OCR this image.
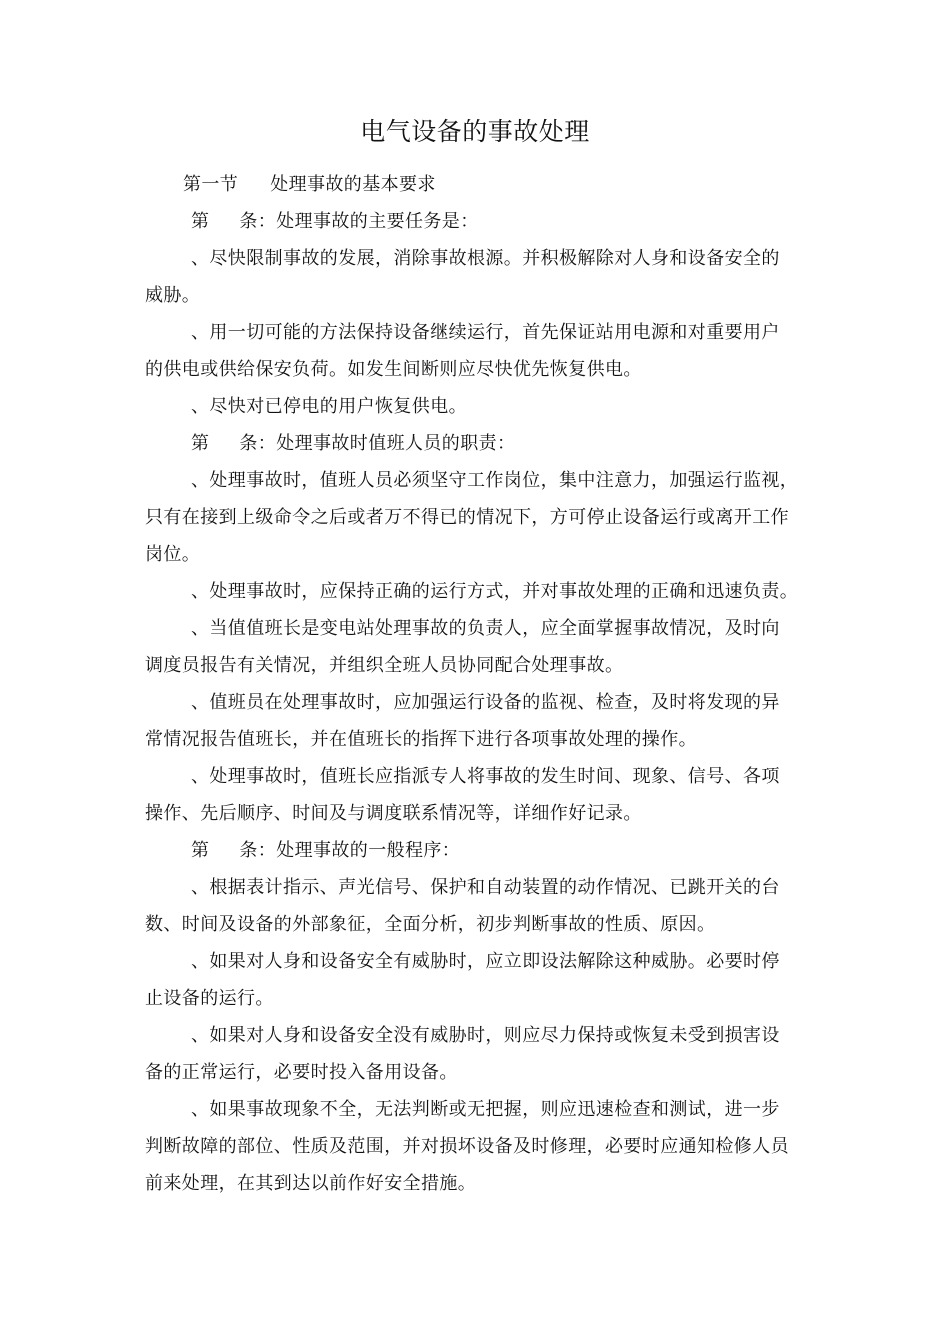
电气设备的事故处理
第一节 处理事故的基本要求
第 条：处理事故的主要任务是：
、尽快限制事故的发展，消除事故根源。并积极解除对人身和设备安全的
威胁。
、用一切可能的方法保持设备继续运行，首先保证站用电源和对重要用户
的供电或供给保安负荷。如发生间断则应尽快优先恢复供电。
、尽快对已停电的用户恢复供电。
第 条：处理事故时值班人员的职责：
、处理事故时，值班人员必须坚守工作岗位，集中注意力，加强运行监视，
只有在接到上级命令之后或者万不得已的情况下，方可停止设备运行或离开工作
岗位。
、处理事故时，应保持正确的运行方式，并对事故处理的正确和迅速负责。
、当值值班长是变电站处理事故的负责人，应全面掌握事故情况，及时向
调度员报告有关情况，并组织全班人员协同配合处理事故。
、值班员在处理事故时，应加强运行设备的监视、检查，及时将发现的异
常情况报告值班长，并在值班长的指挥下进行各项事故处理的操作。
、处理事故时，值班长应指派专人将事故的发生时间、现象、信号、各项
操作、先后顺序、时间及与调度联系情况等，详细作好记录。
第 条：处理事故的一般程序：
、根据表计指示、声光信号、保护和自动装置的动作情况、已跳开关的台
数、时间及设备的外部象征，全面分析，初步判断事故的性质、原因。
、如果对人身和设备安全有威胁时，应立即设法解除这种威胁。必要时停
止设备的运行。
、如果对人身和设备安全没有威胁时，则应尽力保持或恢复未受到损害设
备的正常运行，必要时投入备用设备。
、如果事故现象不全，无法判断或无把握，则应迅速检查和测试，进一步
判断故障的部位、性质及范围，并对损坏设备及时修理，必要时应通知检修人员
前来处理，在其到达以前作好安全措施。
